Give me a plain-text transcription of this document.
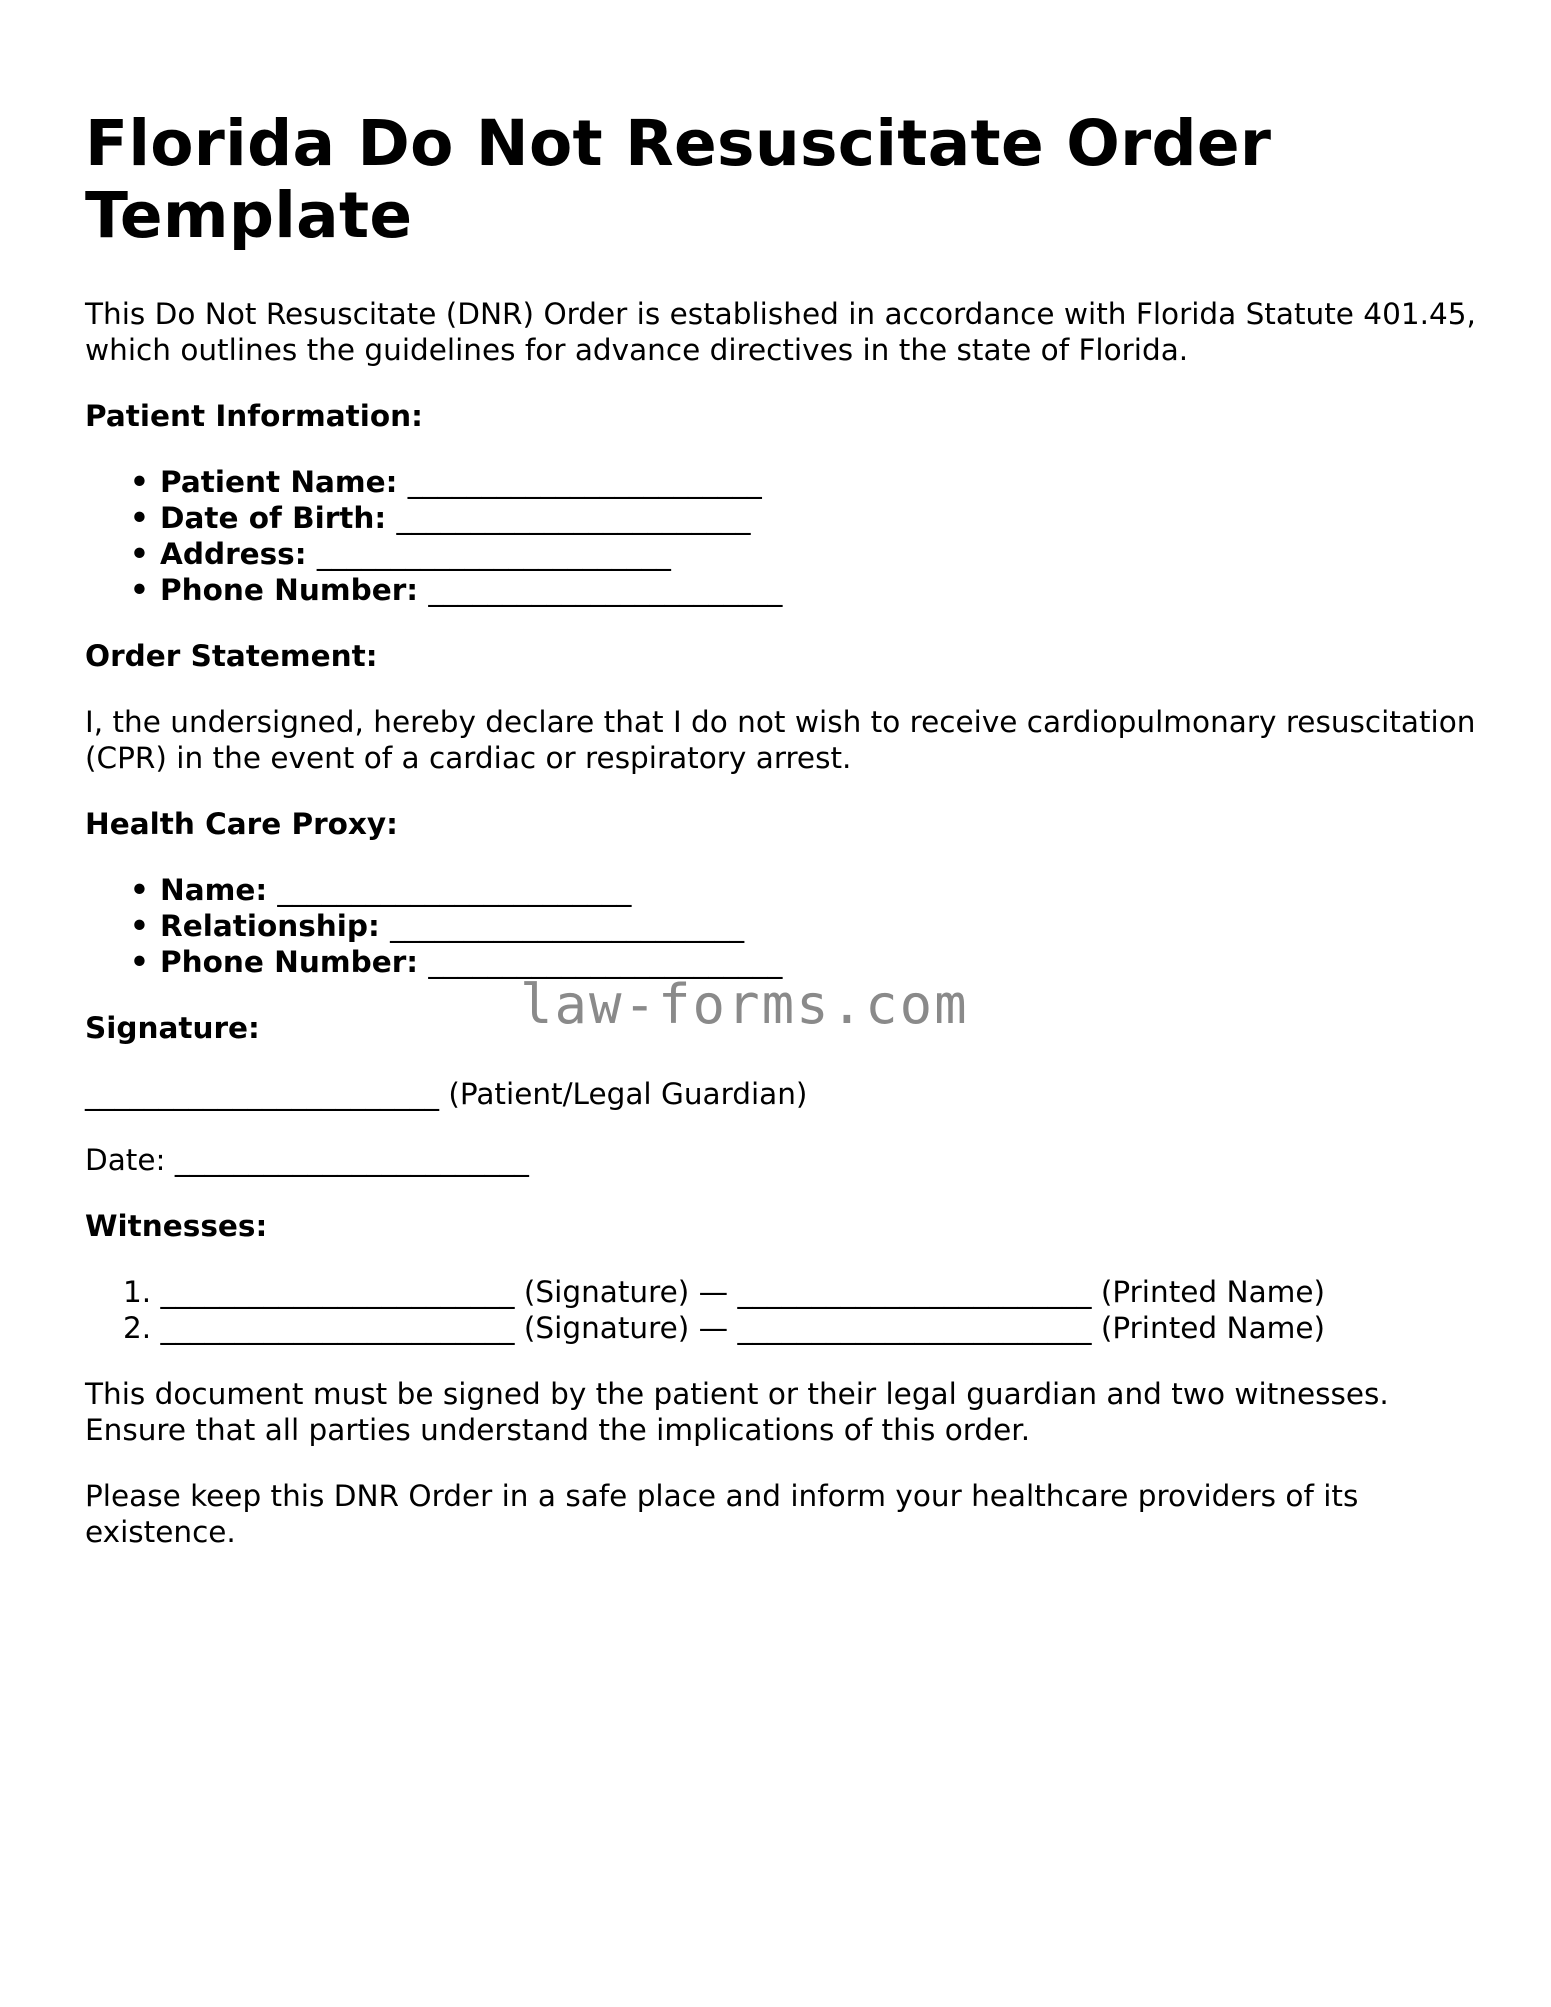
Florida Do Not Resuscitate Order Template

This Do Not Resuscitate (DNR) Order is established in accordance with Florida Statute 401.45, which outlines the guidelines for advance directives in the state of Florida.

Patient Information:
• Patient Name: ________________________
• Date of Birth: ________________________
• Address: ________________________
• Phone Number: ________________________
Order Statement:

I, the undersigned, hereby declare that I do not wish to receive cardiopulmonary resuscitation (CPR) in the event of a cardiac or respiratory arrest.

Health Care Proxy:
• Name: ________________________
• Relationship: ________________________
• Phone Number: ________________________
Signature:

________________________ (Patient/Legal Guardian)

Date: ________________________

Witnesses:
1. ________________________ (Signature) — ________________________ (Printed Name)
2. ________________________ (Signature) — ________________________ (Printed Name)

This document must be signed by the patient or their legal guardian and two witnesses. Ensure that all parties understand the implications of this order.

Please keep this DNR Order in a safe place and inform your healthcare providers of its existence.

law-forms.com
